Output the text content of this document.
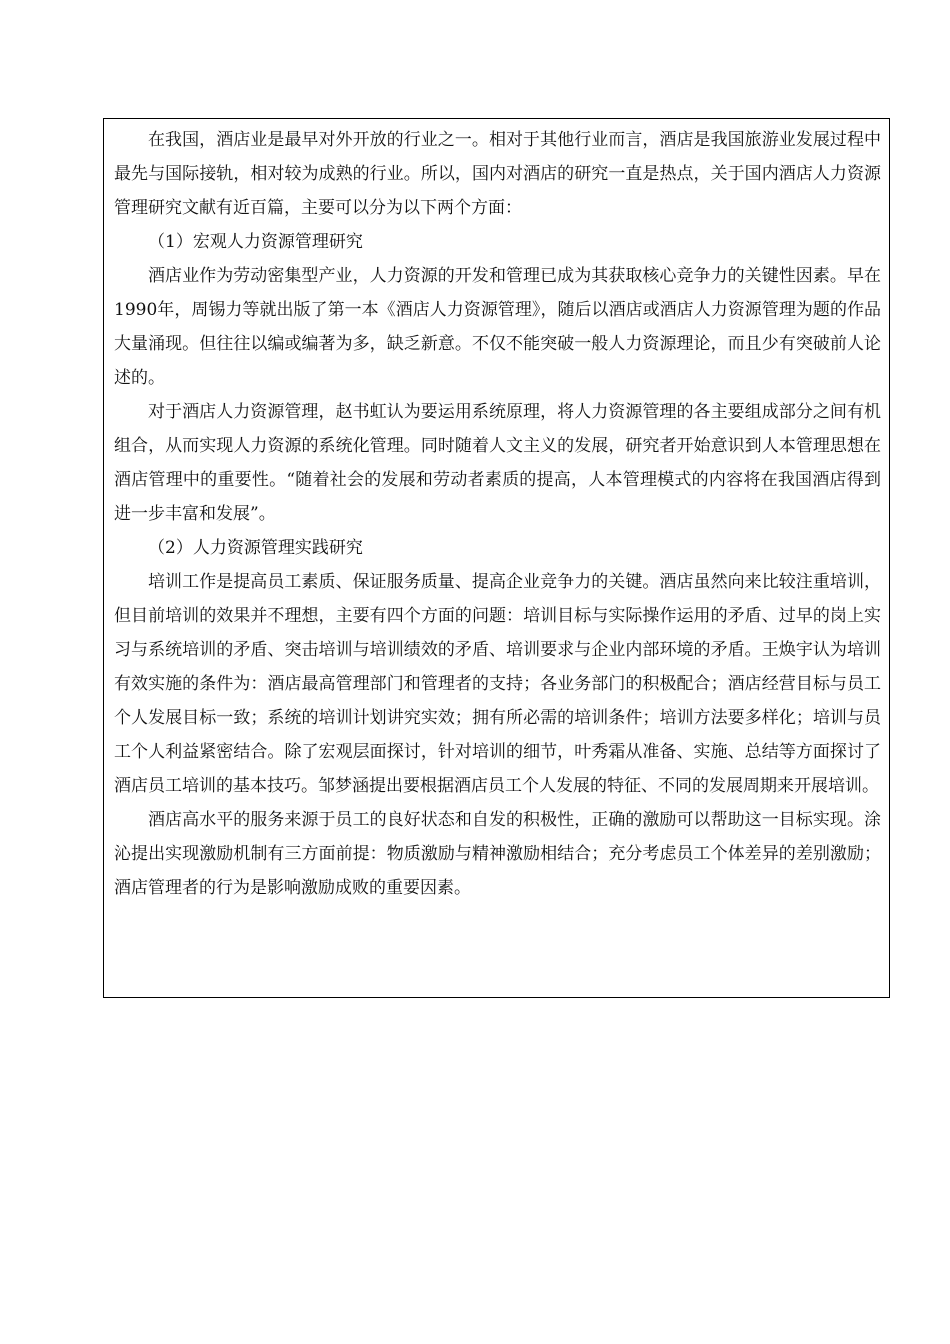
在我国，酒店业是最早对外开放的行业之一。相对于其他行业而言，酒店是我国旅游业发展过程中最先与国际接轨，相对较为成熟的行业。所以，国内对酒店的研究一直是热点，关于国内酒店人力资源管理研究文献有近百篇，主要可以分为以下两个方面：

（1）宏观人力资源管理研究

酒店业作为劳动密集型产业，人力资源的开发和管理已成为其获取核心竞争力的关键性因素。早在1990年，周锡力等就出版了第一本《酒店人力资源管理》，随后以酒店或酒店人力资源管理为题的作品大量涌现。但往往以编或编著为多，缺乏新意。不仅不能突破一般人力资源理论，而且少有突破前人论述的。

对于酒店人力资源管理，赵书虹认为要运用系统原理，将人力资源管理的各主要组成部分之间有机组合，从而实现人力资源的系统化管理。同时随着人文主义的发展，研究者开始意识到人本管理思想在酒店管理中的重要性。“随着社会的发展和劳动者素质的提高，人本管理模式的内容将在我国酒店得到进一步丰富和发展”。

（2）人力资源管理实践研究

培训工作是提高员工素质、保证服务质量、提高企业竞争力的关键。酒店虽然向来比较注重培训，但目前培训的效果并不理想，主要有四个方面的问题：培训目标与实际操作运用的矛盾、过早的岗上实习与系统培训的矛盾、突击培训与培训绩效的矛盾、培训要求与企业内部环境的矛盾。王焕宇认为培训有效实施的条件为：酒店最高管理部门和管理者的支持；各业务部门的积极配合；酒店经营目标与员工个人发展目标一致；系统的培训计划讲究实效；拥有所必需的培训条件；培训方法要多样化；培训与员工个人利益紧密结合。除了宏观层面探讨，针对培训的细节，叶秀霜从准备、实施、总结等方面探讨了酒店员工培训的基本技巧。邹梦涵提出要根据酒店员工个人发展的特征、不同的发展周期来开展培训。

酒店高水平的服务来源于员工的良好状态和自发的积极性，正确的激励可以帮助这一目标实现。涂沁提出实现激励机制有三方面前提：物质激励与精神激励相结合；充分考虑员工个体差异的差别激励；酒店管理者的行为是影响激励成败的重要因素。
